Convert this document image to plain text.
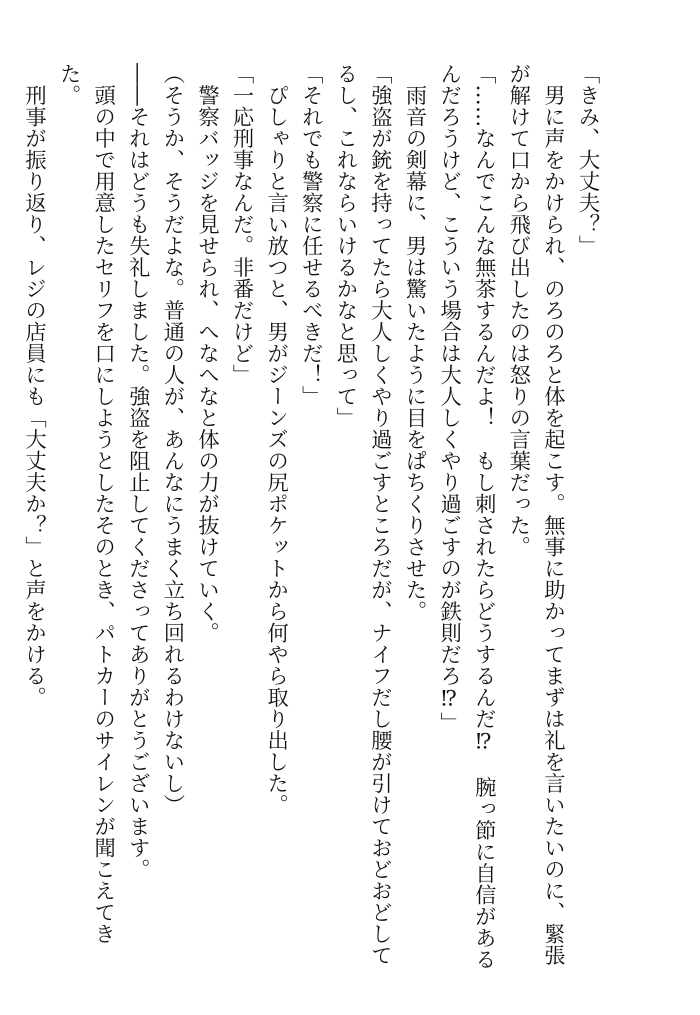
「きみ、大丈夫？」
　男に声をかけられ、のろのろと体を起こす。無事に助かってまずは礼を言いたいのに、緊張
が解けて口から飛び出したのは怒りの言葉だった。
「……なんでこんな無茶するんだよ！　もし刺されたらどうするんだ⁉　腕っ節に自信がある
んだろうけど、こういう場合は大人しくやり過ごすのが鉄則だろ⁉」
　雨音の剣幕に、男は驚いたように目をぱちくりさせた。
「強盗が銃を持ってたら大人しくやり過ごすところだが、ナイフだし腰が引けておどおどして
るし、これならいけるかなと思って」
「それでも警察に任せるべきだ！」
　ぴしゃりと言い放つと、男がジーンズの尻ポケットから何やら取り出した。
「一応刑事なんだ。非番だけど」
　警察バッジを見せられ、へなへなと体の力が抜けていく。
（そうか、そうだよな。普通の人が、あんなにうまく立ち回れるわけないし）
――それはどうも失礼しました。強盗を阻止してくださってありがとうございます。
　頭の中で用意したセリフを口にしようとしたそのとき、パトカーのサイレンが聞こえてき
た。
　刑事が振り返り、レジの店員にも「大丈夫か？」と声をかける。
